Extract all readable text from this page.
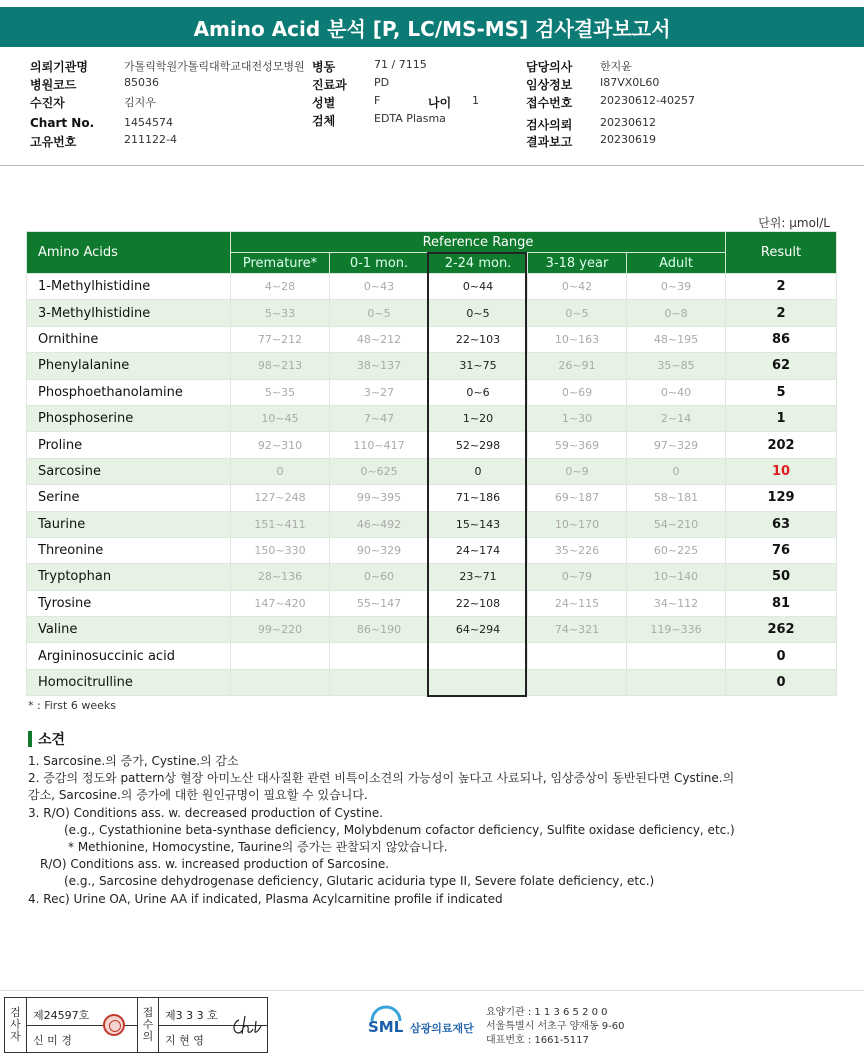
Amino Acid 분석 [P, LC/MS-MS] 검사결과보고서
의뢰기관명	가톨릭학원가톨릭대학교대전성모병원
병원코드	85036
수진자	김지우
Chart No.	1454574
고유번호	211122-4
병동	71 / 7115
진료과 PD
성별	F	나이 1
검체	EDTA Plasma
담당의사	한지윤
임상정보	I87VX0L60
접수번호	20230612-40257
검사의뢰	20230612
결과보고	20230619
단위: μmol/L
Amino Acids	Reference Range					Result
	Premature*	0-1 mon.	2-24 mon.	3-18 year	Adult	
1-Methylhistidine	4~28	0~43	0~44	0~42	0~39	2
3-Methylhistidine	5~33	0~5	0~5	0~5	0~8	2
Ornithine	77~212	48~212	22~103	10~163	48~195	86
Phenylalanine	98~213	38~137	31~75	26~91	35~85	62
Phosphoethanolamine	5~35	3~27	0~6	0~69	0~40	5
Phosphoserine	10~45	7~47	1~20	1~30	2~14	1
Proline	92~310	110~417	52~298	59~369	97~329	202
Sarcosine	0	0~625	0	0~9	0	10
Serine	127~248	99~395	71~186	69~187	58~181	129
Taurine	151~411	46~492	15~143	10~170	54~210	63
Threonine	150~330	90~329	24~174	35~226	60~225	76
Tryptophan	28~136	0~60	23~71	0~79	10~140	50
Tyrosine	147~420	55~147	22~108	24~115	34~112	81
Valine	99~220	86~190	64~294	74~321	119~336	262
Argininosuccinic acid						0
Homocitrulline						0
* : First 6 weeks
소견
1. Sarcosine.의 증가, Cystine.의 감소
2. 증감의 정도와 pattern상 혈장 아미노산 대사질환 관련 비특이소견의 가능성이 높다고 사료되나, 임상증상이 동반된다면 Cystine.의
감소, Sarcosine.의 증가에 대한 원인규명이 필요할 수 있습니다.
3. R/O) Conditions ass. w. decreased production of Cystine.
(e.g., Cystathionine beta-synthase deficiency, Molybdenum cofactor deficiency, Sulfite oxidase deficiency, etc.)
* Methionine, Homocystine, Taurine의 증가는 관찰되지 않았습니다.
R/O) Conditions ass. w. increased production of Sarcosine.
(e.g., Sarcosine dehydrogenase deficiency, Glutaric aciduria type II, Severe folate deficiency, etc.)
4. Rec) Urine OA, Urine AA if indicated, Plasma Acylcarnitine profile if indicated
검사자
제24597호
신 미 경
접수의
제3 3 3 호
지 현 영
SML 삼광의료재단
요양기관 : 1 1 3 6 5 2 0 0
서울특별시 서초구 양재동 9-60
대표번호 : 1661-5117
